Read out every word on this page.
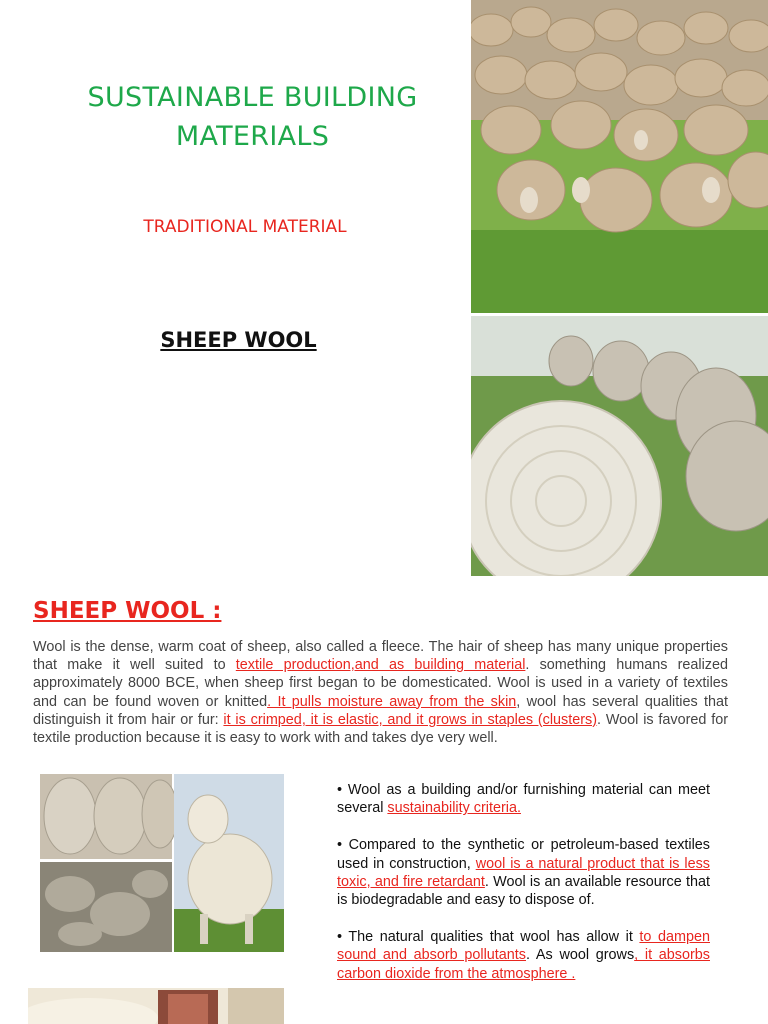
SUSTAINABLE BUILDING MATERIALS
TRADITIONAL MATERIAL
SHEEP WOOL
SHEEP WOOL :

Wool is the dense, warm coat of sheep, also called a fleece. The hair of sheep has many unique properties that make it well suited to textile production,and as building material. something humans realized approximately 8000 BCE, when sheep first began to be domesticated. Wool is used in a variety of textiles and can be found woven or knitted. It pulls moisture away from the skin, wool has several qualities that distinguish it from hair or fur: it is crimped, it is elastic, and it grows in staples (clusters). Wool is favored for textile production because it is easy to work with and takes dye very well.

• Wool as a building and/or furnishing material can meet several sustainability criteria.

• Compared to the synthetic or petroleum-based textiles used in construction, wool is a natural product that is less toxic, and fire retardant. Wool is an available resource that is biodegradable and easy to dispose of.

• The natural qualities that wool has allow it to dampen sound and absorb pollutants. As wool grows, it absorbs carbon dioxide from the atmosphere .
